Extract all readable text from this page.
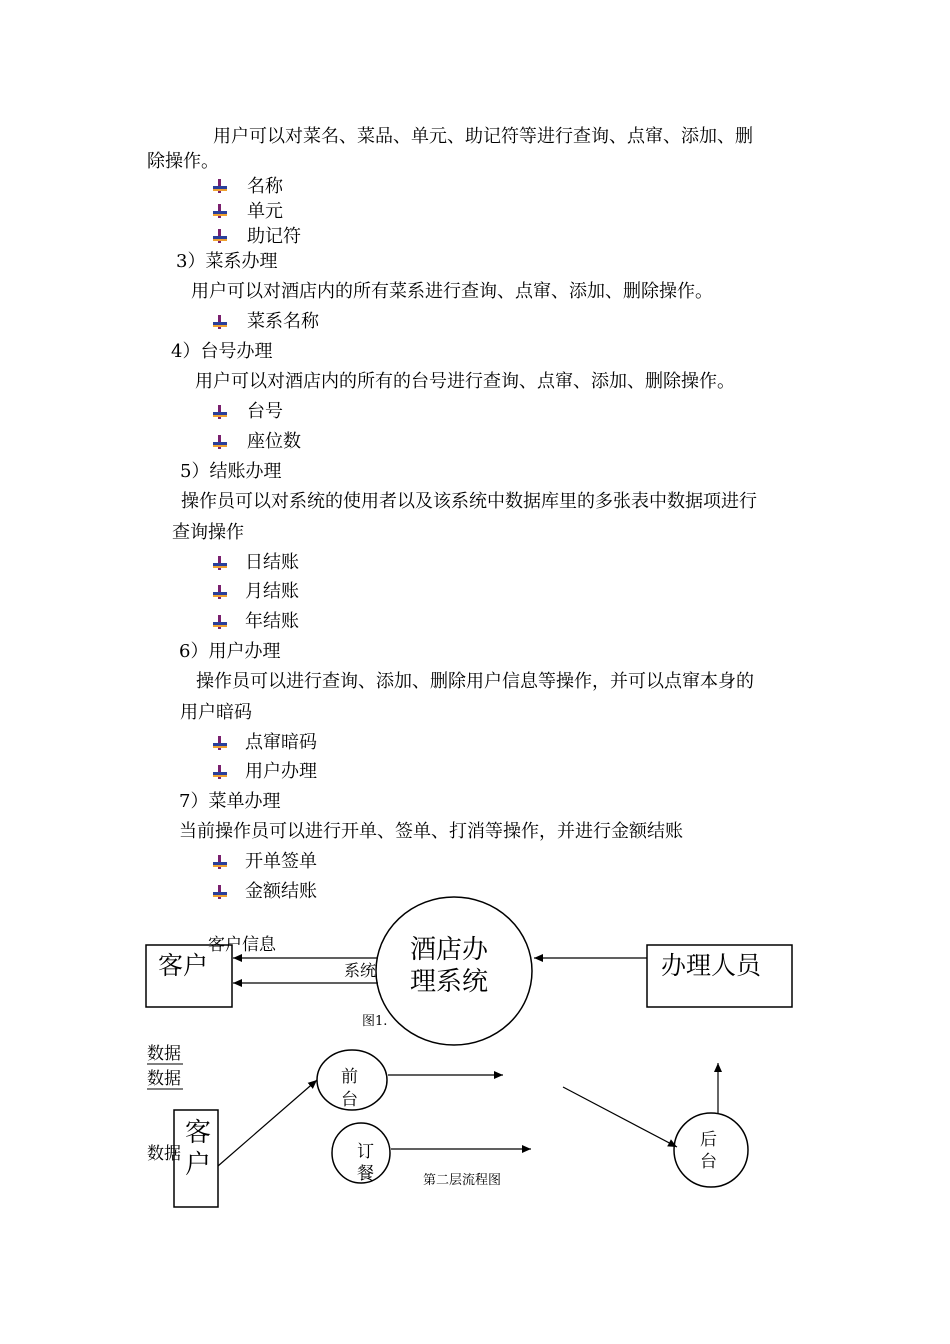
用户可以对菜名、菜品、单元、助记符等进行查询、点窜、添加、删
除操作。
名称
单元
助记符
3）菜系办理
用户可以对酒店内的所有菜系进行查询、点窜、添加、删除操作。
菜系名称
4）台号办理
用户可以对酒店内的所有的台号进行查询、点窜、添加、删除操作。
台号
座位数
5）结账办理
操作员可以对系统的使用者以及该系统中数据库里的多张表中数据项进行
查询操作
日结账
月结账
年结账
6）用户办理
操作员可以进行查询、添加、删除用户信息等操作，并可以点窜本身的
用户暗码
点窜暗码
用户办理
7）菜单办理
当前操作员可以进行开单、签单、打消等操作，并进行金额结账
开单签单
金额结账
客户信息
客户	办理人员
酒店办
理系统
系统
图1.
数据
数据
数据
客
户
前
台
订
餐
后
台
第二层流程图
